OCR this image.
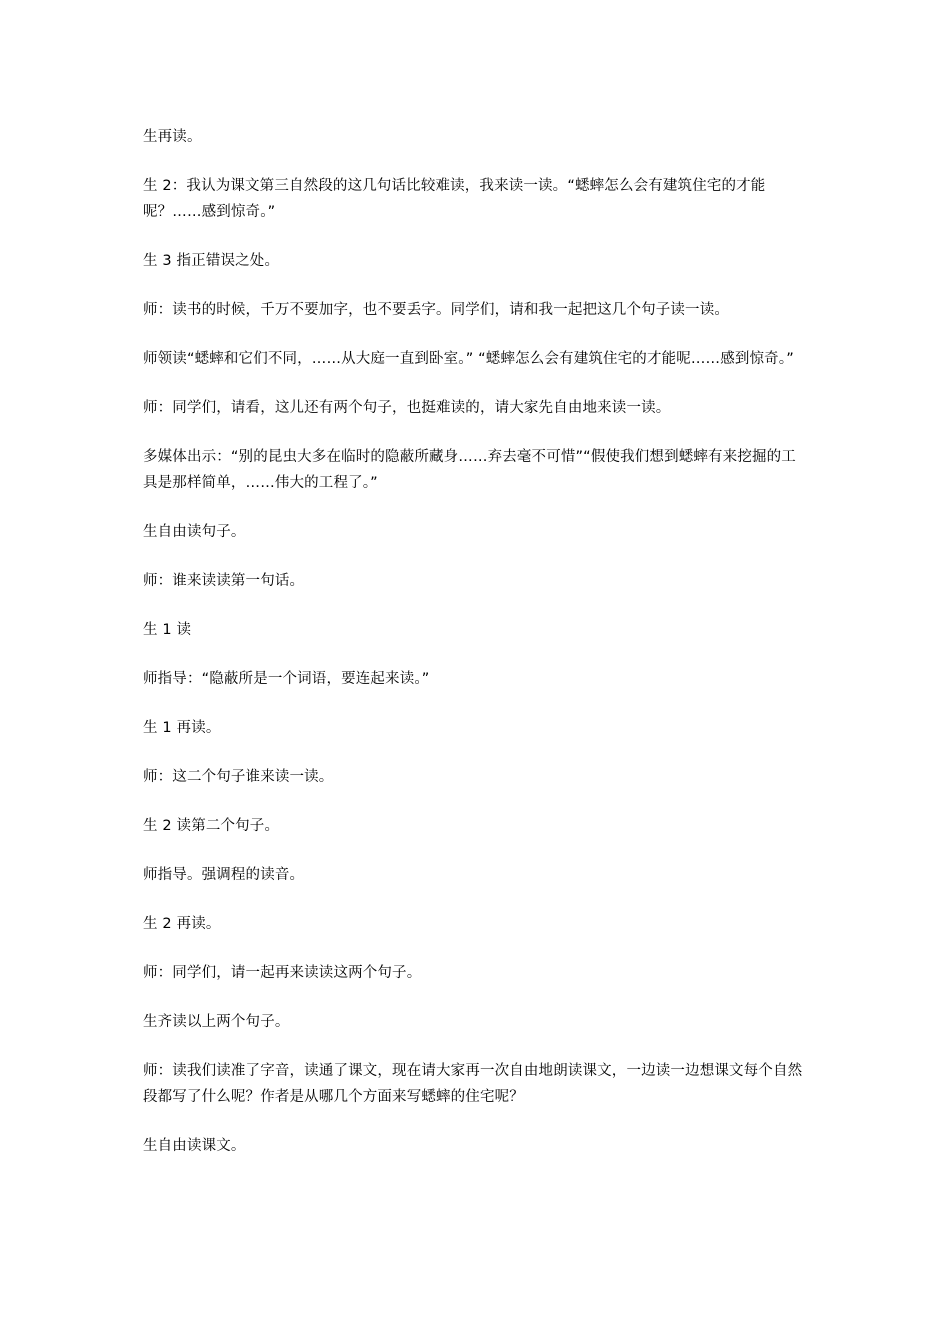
生再读。

生 2：我认为课文第三自然段的这几句话比较难读，我来读一读。“蟋蟀怎么会有建筑住宅的才能呢？……感到惊奇。”

生 3 指正错误之处。

师：读书的时候，千万不要加字，也不要丢字。同学们，请和我一起把这几个句子读一读。

师领读“蟋蟀和它们不同，……从大庭一直到卧室。” “蟋蟀怎么会有建筑住宅的才能呢……感到惊奇。”

师：同学们，请看，这儿还有两个句子，也挺难读的，请大家先自由地来读一读。

多媒体出示：“别的昆虫大多在临时的隐蔽所藏身……弃去毫不可惜”“假使我们想到蟋蟀有来挖掘的工具是那样简单，……伟大的工程了。”

生自由读句子。

师：谁来读读第一句话。

生 1 读

师指导：“隐蔽所是一个词语，要连起来读。”

生 1 再读。

师：这二个句子谁来读一读。

生 2 读第二个句子。

师指导。强调程的读音。

生 2 再读。

师：同学们，请一起再来读读这两个句子。

生齐读以上两个句子。

师：读我们读准了字音，读通了课文，现在请大家再一次自由地朗读课文，一边读一边想课文每个自然段都写了什么呢？作者是从哪几个方面来写蟋蟀的住宅呢？

生自由读课文。
